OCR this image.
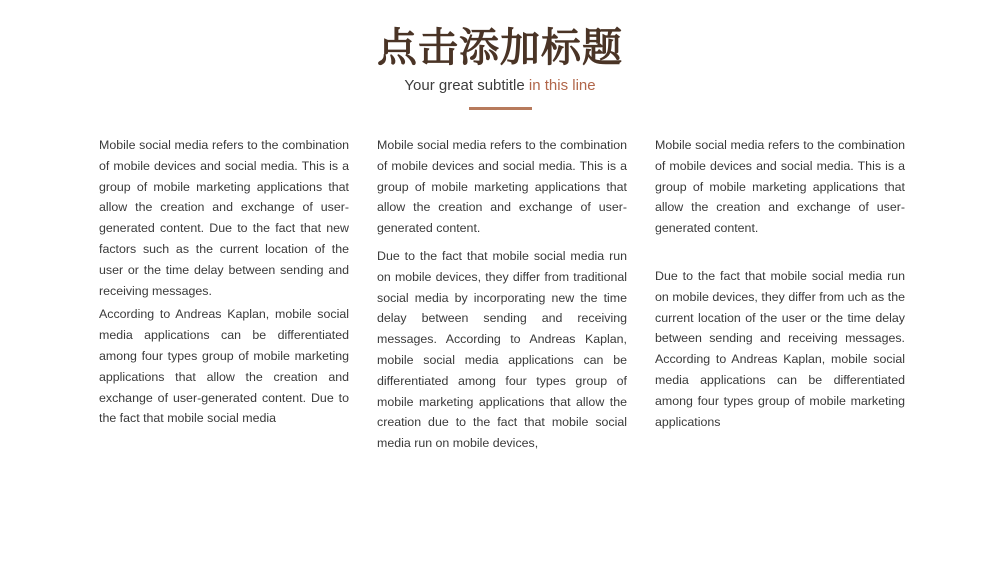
点击添加标题

Your great subtitle in this line

Mobile social media refers to the combination of mobile devices and social media. This is a group of mobile marketing applications that allow the creation and exchange of user-generated content. Due to the fact that new factors such as the current location of the user or the time delay between sending and receiving messages.

According to Andreas Kaplan, mobile social media applications can be differentiated among four types group of mobile marketing applications that allow the creation and exchange of user-generated content. Due to the fact that mobile social media

Mobile social media refers to the combination of mobile devices and social media. This is a group of mobile marketing applications that allow the creation and exchange of user-generated content.

Due to the fact that mobile social media run on mobile devices, they differ from traditional social media by incorporating new the time delay between sending and receiving messages. According to Andreas Kaplan, mobile social media applications can be differentiated among four types group of mobile marketing applications that allow the creation due to the fact that mobile social media run on mobile devices,

Mobile social media refers to the combination of mobile devices and social media. This is a group of mobile marketing applications that allow the creation and exchange of user-generated content.

Due to the fact that mobile social media run on mobile devices, they differ from uch as the current location of the user or the time delay between sending and receiving messages. According to Andreas Kaplan, mobile social media applications can be differentiated among four types group of mobile marketing applications
